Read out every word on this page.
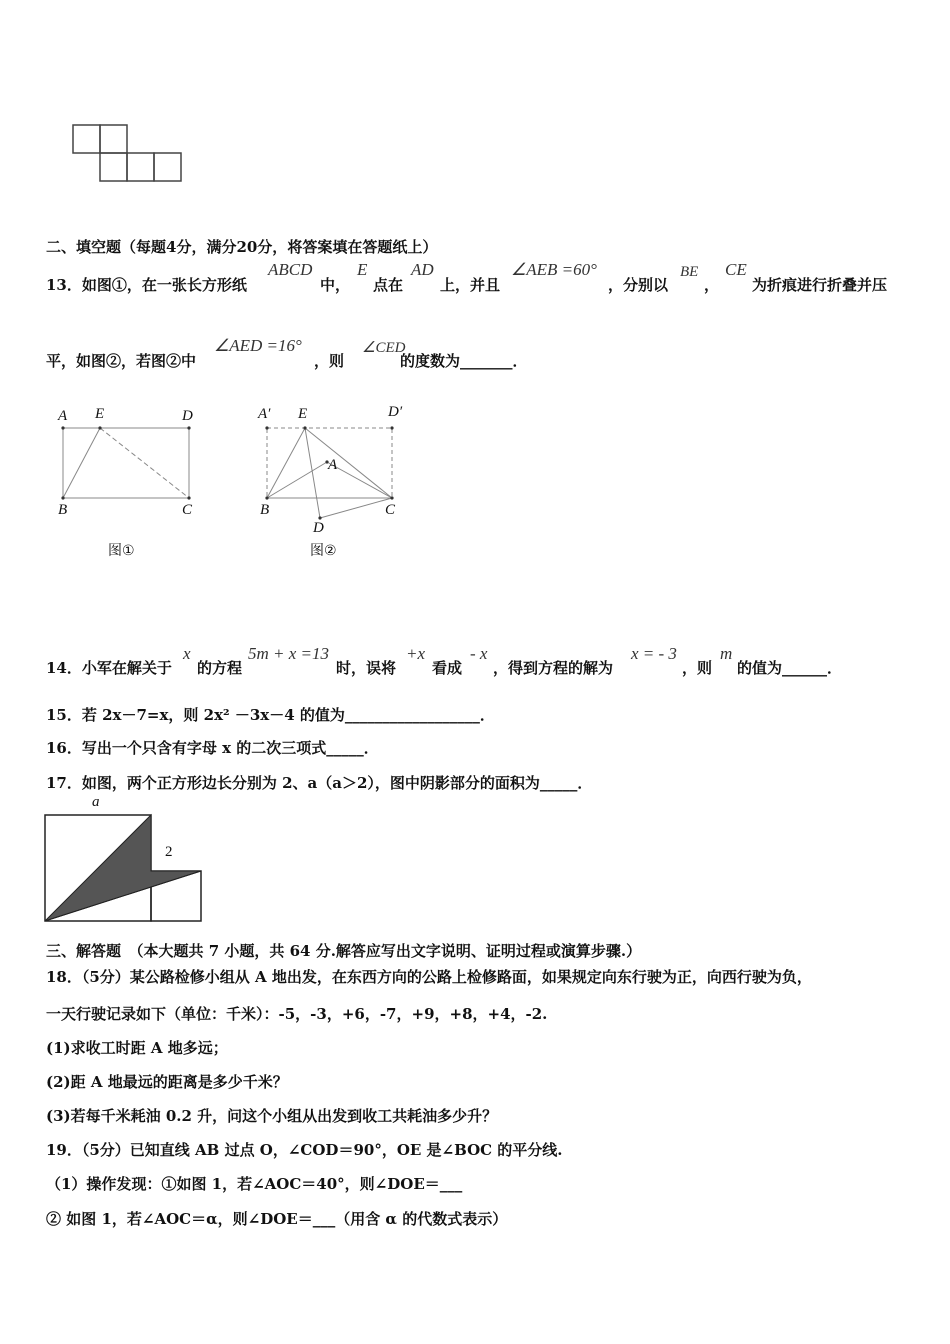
二、填空题（每题4分，满分20分，将答案填在答题纸上）
13．如图①，在一张长方形纸
ABCD
中，
E
点在
AD
上，并且
∠AEB =60°
，分别以
BE
，
CE
为折痕进行折叠并压
平，如图②，若图②中
∠AED =16°
，则
∠CED
的度数为_______．
A E	D
B	C
图①
A′ E	D′
A
B	C
D
图②
14．小军在解关于
x
的方程
5m + x =13
时，误将
+x
看成
- x
，得到方程的解为
x = - 3
，则
m
的值为______．
15．若 2x－7=x，则 2x² －3x－4 的值为__________________．
16．写出一个只含有字母 x 的二次三项式_____．
17．如图，两个正方形边长分别为 2、a（a＞2），图中阴影部分的面积为_____．
a
2
三、解答题　（本大题共 7 小题，共 64 分.解答应写出文字说明、证明过程或演算步骤.）
18．（5分）某公路检修小组从 A 地出发，在东西方向的公路上检修路面，如果规定向东行驶为正，向西行驶为负，
一天行驶记录如下（单位：千米）：-5，-3，+6，-7，+9，+8，+4，-2.
(1)求收工时距 A 地多远；
(2)距 A 地最远的距离是多少千米？
(3)若每千米耗油 0.2 升，问这个小组从出发到收工共耗油多少升？
19．（5分）已知直线 AB 过点 O，∠COD＝90°，OE 是∠BOC 的平分线.
（1）操作发现：①如图 1，若∠AOC＝40°，则∠DOE＝___
② 如图 1，若∠AOC＝α，则∠DOE＝___（用含 α 的代数式表示）
